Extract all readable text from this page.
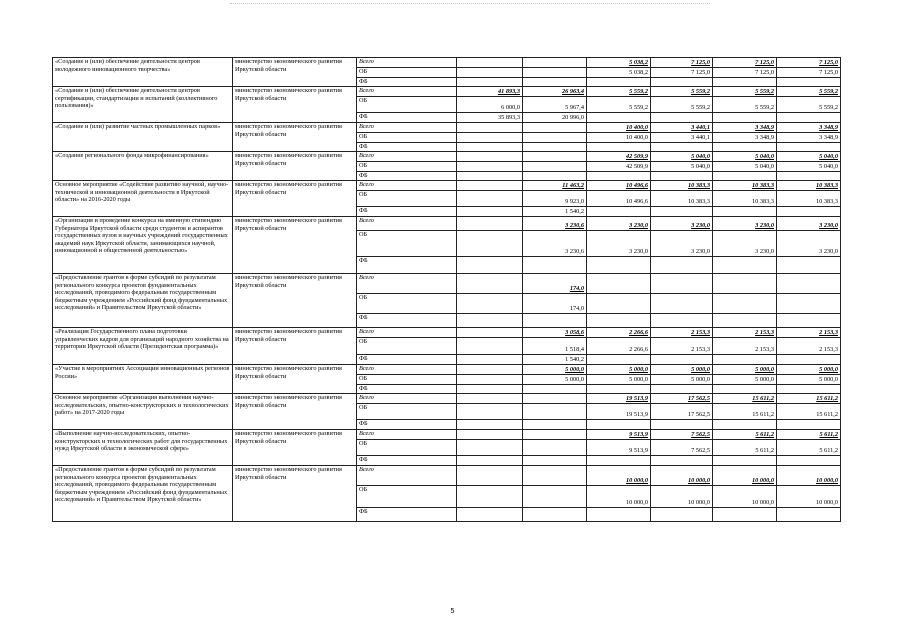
«Создание и (или) обеспечение деятельности центров молодежного инновационного творчества»	министерство экономического развития Иркутской области	Всего			5 038,2	7 125,0	7 125,0	7 125,0
		ОБ			5 038,2	7 125,0	7 125,0	7 125,0
		ФБ						
«Создание и (или) обеспечение деятельности центров сертификации, стандартизации и испытаний (коллективного пользования)»	министерство экономического развития Иркутской области	Всего	41 893,3	26 963,4	5 559,2	5 559,2	5 559,2	5 559,2
		ОБ	6 000,0	5 967,4	5 559,2	5 559,2	5 559,2	5 559,2
		ФБ	35 893,3	20 996,0				
«Создание и (или) развитие частных промышленных парков»	министерство экономического развития Иркутской области	Всего			10 400,0	3 440,1	3 348,9	3 348,9
		ОБ			10 400,0	3 440,1	3 348,9	3 348,9
		ФБ						
«Создание регионального фонда микрофинансирования»	министерство экономического развития Иркутской области	Всего			42 509,9	5 040,0	5 040,0	5 040,0
		ОБ			42 509,9	5 040,0	5 040,0	5 040,0
		ФБ						
Основное мероприятие «Содействие развитию научной, научно-технической и инновационной деятельности в Иркутской области» на 2016-2020 годы	министерство экономического развития Иркутской области	Всего		11 463,2	10 496,6	10 383,3	10 383,3	10 383,3
		ОБ		9 923,0	10 496,6	10 383,3	10 383,3	10 383,3
		ФБ		1 540,2				
«Организация и проведение конкурса на именную стипендию Губернатора Иркутской области среди студентов и аспирантов государственных вузов и научных учреждений государственных академий наук Иркутской области, занимающихся научной, инновационной и общественной деятельностью»	министерство экономического развития Иркутской области	Всего		3 230,6	3 230,0	3 230,0	3 230,0	3 230,0
		ОБ		3 230,6	3 230,0	3 230,0	3 230,0	3 230,0
		ФБ						
«Предоставление грантов в форме субсидий по результатам регионального конкурса проектов фундаментальных исследований, проводимого федеральным государственным бюджетным учреждением «Российский фонд фундаментальных исследований» и Правительством Иркутской области»	министерство экономического развития Иркутской области	Всего		174,0				
		ОБ		174,0				
		ФБ						
«Реализация Государственного плана подготовки управленческих кадров для организаций народного хозяйства на территории Иркутской области (Президентская программа)»	министерство экономического развития Иркутской области	Всего		3 058,6	2 266,6	2 153,3	2 153,3	2 153,3
		ОБ		1 518,4	2 266,6	2 153,3	2 153,3	2 153,3
		ФБ		1 540,2				
«Участие в мероприятиях Ассоциации инновационных регионов России»	министерство экономического развития Иркутской области	Всего		5 000,0	5 000,0	5 000,0	5 000,0	5 000,0
		ОБ		5 000,0	5 000,0	5 000,0	5 000,0	5 000,0
		ФБ						
Основное мероприятие «Организация выполнения научно-исследовательских, опытно-конструкторских и технологических работ» на 2017-2020 годы	министерство экономического развития Иркутской области	Всего			19 513,9	17 562,5	15 611,2	15 611,2
		ОБ			19 513,9	17 562,5	15 611,2	15 611,2
		ФБ						
«Выполнение научно-исследовательских, опытно-конструкторских и технологических работ для государственных нужд Иркутской области в экономической сфере»	министерство экономического развития Иркутской области	Всего			9 513,9	7 562,5	5 611,2	5 611,2
		ОБ			9 513,9	7 562,5	5 611,2	5 611,2
		ФБ						
«Предоставление грантов в форме субсидий по результатам регионального конкурса проектов фундаментальных исследований, проводимого федеральным государственным бюджетным учреждением «Российский фонд фундаментальных исследований» и Правительством Иркутской области»	министерство экономического развития Иркутской области	Всего			10 000,0	10 000,0	10 000,0	10 000,0
		ОБ			10 000,0	10 000,0	10 000,0	10 000,0
		ФБ						
5
